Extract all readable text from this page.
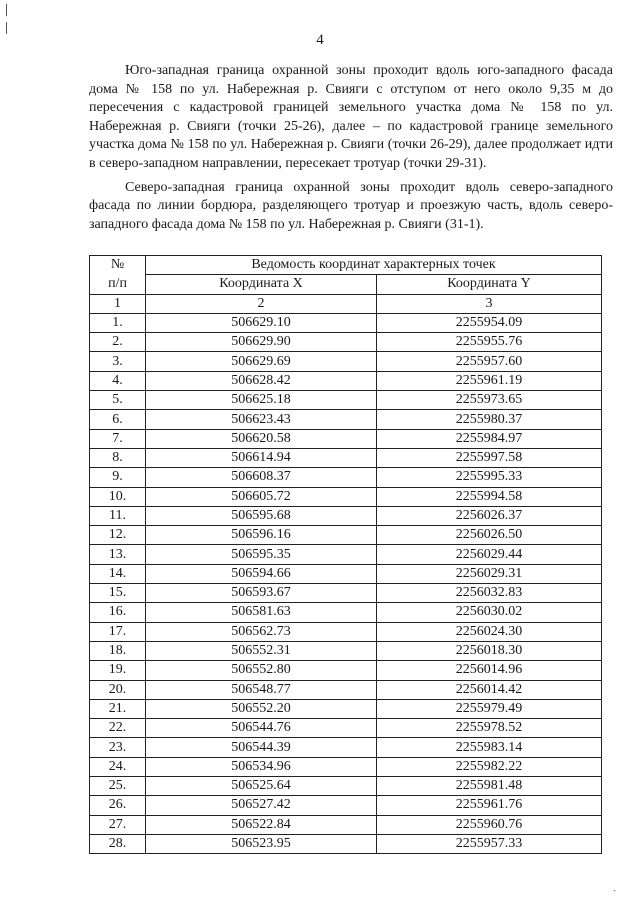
4

Юго-западная граница охранной зоны проходит вдоль юго-западного фасада дома № 158 по ул. Набережная р. Свияги с отступом от него около 9,35 м до пересечения с кадастровой границей земельного участка дома № 158 по ул. Набережная р. Свияги (точки 25-26), далее – по кадастровой границе земельного участка дома № 158 по ул. Набережная р. Свияги (точки 26-29), далее продолжает идти в северо-западном направлении, пересекает тротуар (точки 29-31).

Северо-западная граница охранной зоны проходит вдоль северо-западного фасада по линии бордюра, разделяющего тротуар и проезжую часть, вдоль северо-западного фасада дома № 158 по ул. Набережная р. Свияги (31-1).

№	Ведомость координат характерных точек	
п/п	Координата X	Координата Y
1	2	3
1.	506629.10	2255954.09
2.	506629.90	2255955.76
3.	506629.69	2255957.60
4.	506628.42	2255961.19
5.	506625.18	2255973.65
6.	506623.43	2255980.37
7.	506620.58	2255984.97
8.	506614.94	2255997.58
9.	506608.37	2255995.33
10.	506605.72	2255994.58
11.	506595.68	2256026.37
12.	506596.16	2256026.50
13.	506595.35	2256029.44
14.	506594.66	2256029.31
15.	506593.67	2256032.83
16.	506581.63	2256030.02
17.	506562.73	2256024.30
18.	506552.31	2256018.30
19.	506552.80	2256014.96
20.	506548.77	2256014.42
21.	506552.20	2255979.49
22.	506544.76	2255978.52
23.	506544.39	2255983.14
24.	506534.96	2255982.22
25.	506525.64	2255981.48
26.	506527.42	2255961.76
27.	506522.84	2255960.76
28.	506523.95	2255957.33
ˎ
